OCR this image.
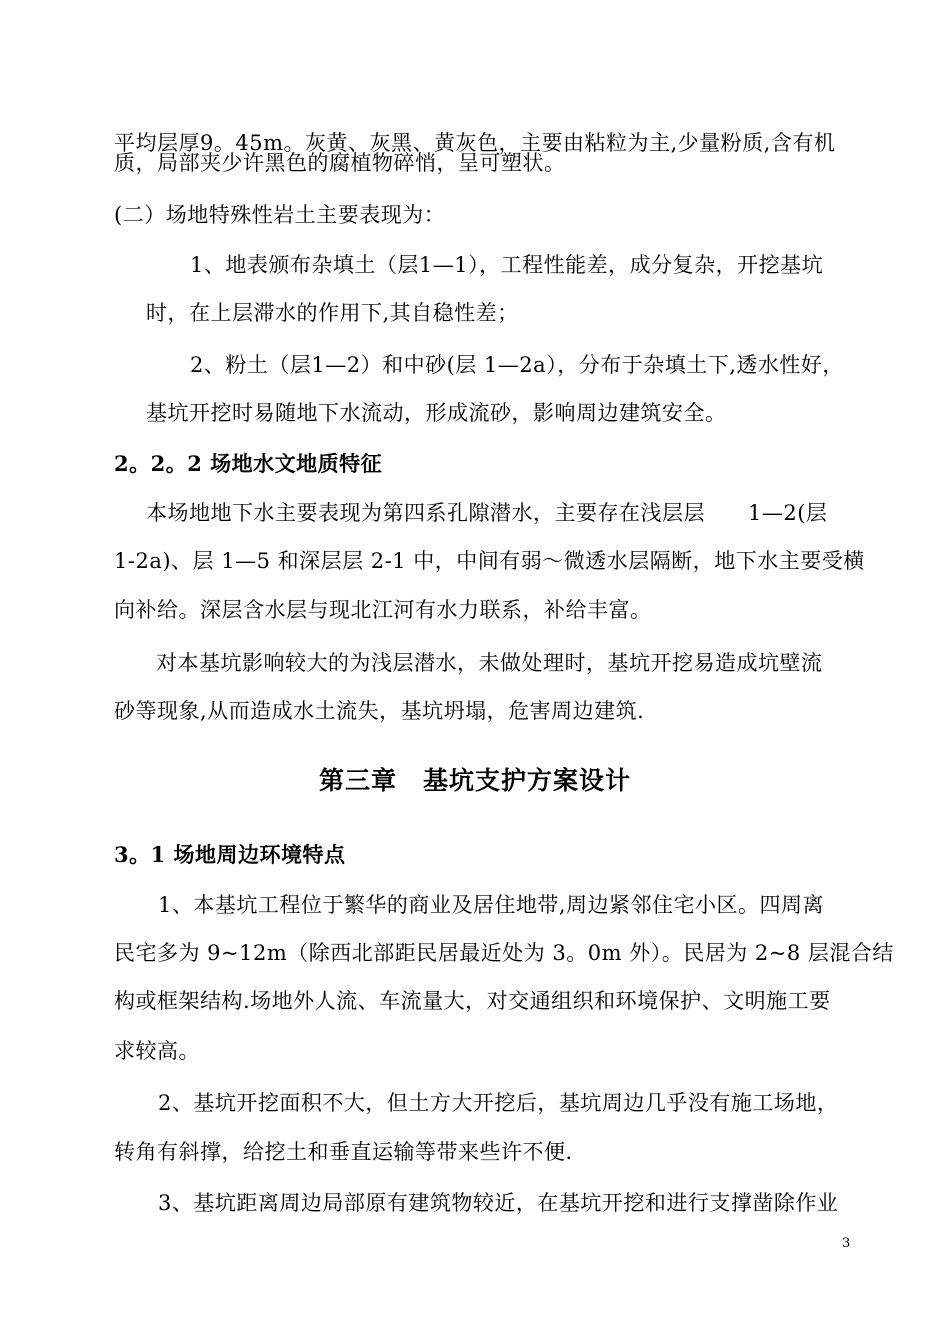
平均层厚9。45m。灰黄、灰黑、黄灰色，主要由粘粒为主,少量粉质,含有机
质，局部夹少许黑色的腐植物碎悄，呈可塑状。
(二）场地特殊性岩土主要表现为：
1、地表颁布杂填土（层1—1），工程性能差，成分复杂，开挖基坑
时，在上层滞水的作用下,其自稳性差；
2、粉土（层1—2）和中砂(层 1—2a），分布于杂填土下,透水性好，
基坑开挖时易随地下水流动，形成流砂，影响周边建筑安全。
2。2。2 场地水文地质特征
本场地地下水主要表现为第四系孔隙潜水，主要存在浅层层　　1—2(层
1-2a)、层 1—5 和深层层 2-1 中，中间有弱～微透水层隔断，地下水主要受横
向补给。深层含水层与现北江河有水力联系，补给丰富。
对本基坑影响较大的为浅层潜水，未做处理时，基坑开挖易造成坑壁流
砂等现象,从而造成水土流失，基坑坍塌，危害周边建筑.
第三章　基坑支护方案设计
3。1 场地周边环境特点
1、本基坑工程位于繁华的商业及居住地带,周边紧邻住宅小区。四周离
民宅多为 9~12m（除西北部距民居最近处为 3。0m 外）。民居为 2~8 层混合结
构或框架结构.场地外人流、车流量大，对交通组织和环境保护、文明施工要
求较高。
2、基坑开挖面积不大，但土方大开挖后，基坑周边几乎没有施工场地，
转角有斜撑，给挖土和垂直运输等带来些许不便.
3、基坑距离周边局部原有建筑物较近，在基坑开挖和进行支撑凿除作业
3
